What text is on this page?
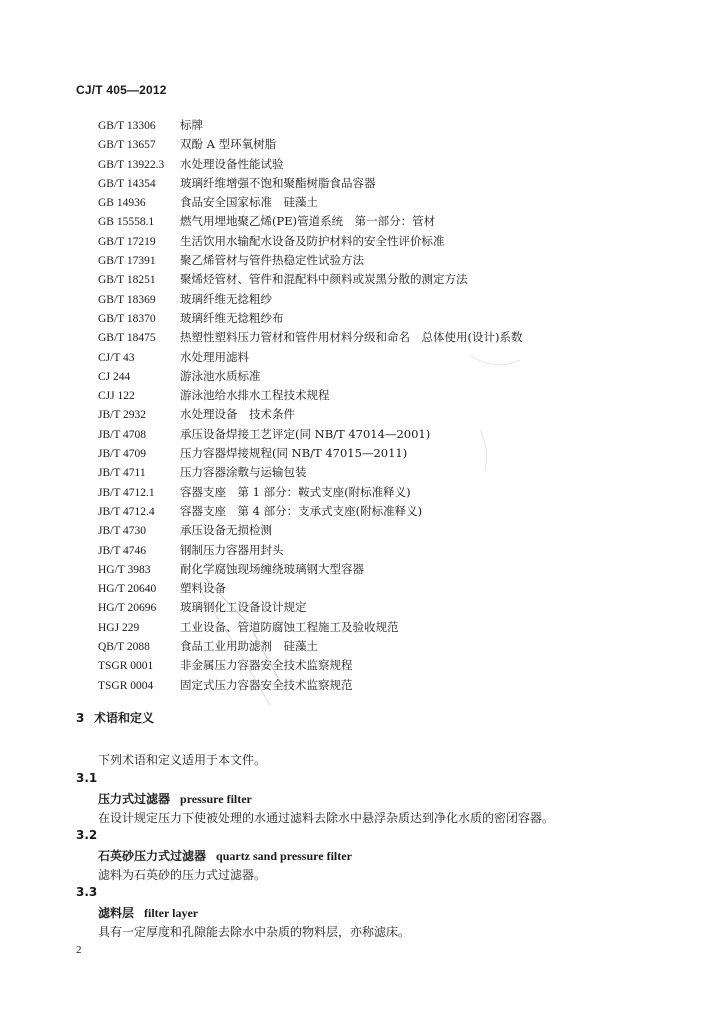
CJ/T 405—2012
GB/T 13306 标牌
GB/T 13657 双酚 A 型环氧树脂
GB/T 13922.3 水处理设备性能试验
GB/T 14354 玻璃纤维增强不饱和聚酯树脂食品容器
GB 14936	食品安全国家标准　硅藻土
GB 15558.1 燃气用埋地聚乙烯(PE)管道系统　第一部分：管材
GB/T 17219 生活饮用水输配水设备及防护材料的安全性评价标准
GB/T 17391 聚乙烯管材与管件热稳定性试验方法
GB/T 18251 聚烯烃管材、管件和混配料中颜料或炭黑分散的测定方法
GB/T 18369 玻璃纤维无捻粗纱
GB/T 18370 玻璃纤维无捻粗纱布
GB/T 18475 热塑性塑料压力管材和管件用材料分级和命名　总体使用(设计)系数
CJ/T 43	水处理用滤料
CJ 244	游泳池水质标准
CJJ 122	游泳池给水排水工程技术规程
JB/T 2932	水处理设备　技术条件
JB/T 4708	承压设备焊接工艺评定(同 NB/T 47014—2001)
JB/T 4709	压力容器焊接规程(同 NB/T 47015—2011)
JB/T 4711	压力容器涂敷与运输包装
JB/T 4712.1 容器支座　第 1 部分：鞍式支座(附标准释义)
JB/T 4712.4 容器支座　第 4 部分：支承式支座(附标准释义)
JB/T 4730	承压设备无损检测
JB/T 4746	钢制压力容器用封头
HG/T 3983	耐化学腐蚀现场缠绕玻璃钢大型容器
HG/T 20640 塑料设备
HG/T 20696 玻璃钢化工设备设计规定
HGJ 229	工业设备、管道防腐蚀工程施工及验收规范
QB/T 2088	食品工业用助滤剂　硅藻土
TSGR 0001 非金属压力容器安全技术监察规程
TSGR 0004 固定式压力容器安全技术监察规范
3 术语和定义
下列术语和定义适用于本文件。
3.1
压力式过滤器 pressure filter
在设计规定压力下使被处理的水通过滤料去除水中悬浮杂质达到净化水质的密闭容器。
3.2
石英砂压力式过滤器 quartz sand pressure filter
滤料为石英砂的压力式过滤器。
3.3
滤料层 filter layer
具有一定厚度和孔隙能去除水中杂质的物料层，亦称滤床。
2
